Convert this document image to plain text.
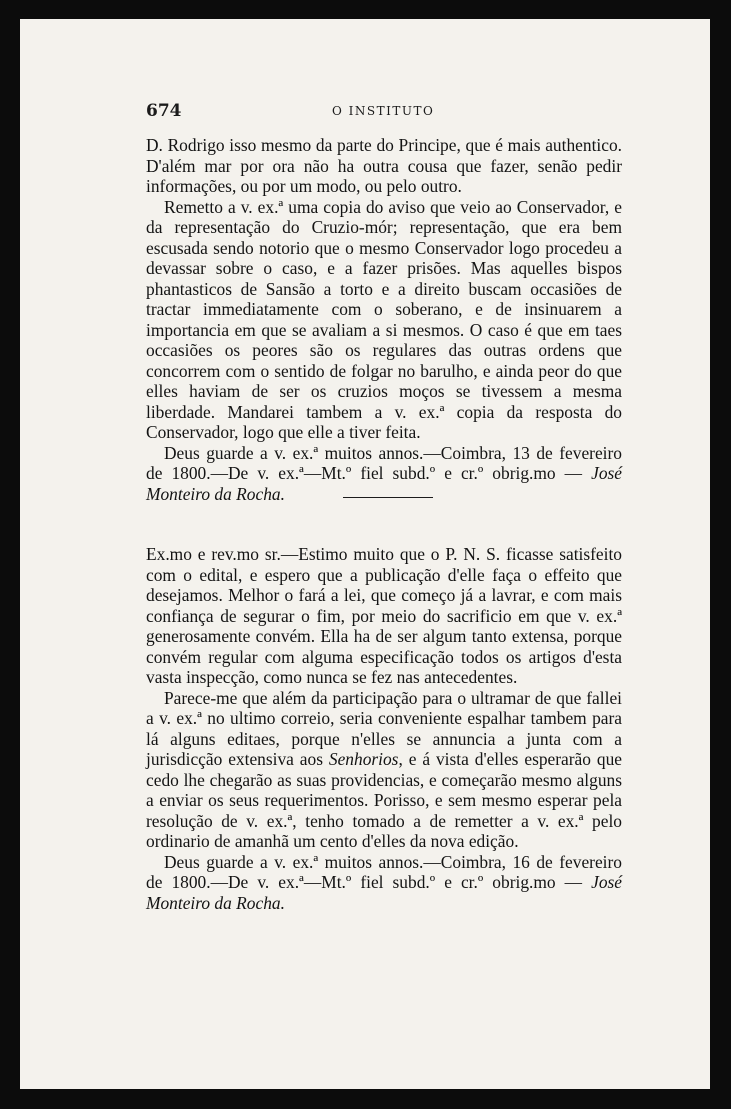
674	O INSTITUTO

D. Rodrigo isso mesmo da parte do Principe, que é mais authentico. D'além mar por ora não ha outra cousa que fazer, senão pedir informações, ou por um modo, ou pelo outro.

Remetto a v. ex.ª uma copia do aviso que veio ao Conservador, e da representação do Cruzio-mór; representação, que era bem escusada sendo notorio que o mesmo Conservador logo procedeu a devassar sobre o caso, e a fazer prisões. Mas aquelles bispos phantasticos de Sansão a torto e a direito buscam occasiões de tractar immediatamente com o soberano, e de insinuarem a importancia em que se avaliam a si mesmos. O caso é que em taes occasiões os peores são os regulares das outras ordens que concorrem com o sentido de folgar no barulho, e ainda peor do que elles haviam de ser os cruzios moços se tivessem a mesma liberdade. Mandarei tambem a v. ex.ª copia da resposta do Conservador, logo que elle a tiver feita.

Deus guarde a v. ex.ª muitos annos.—Coimbra, 13 de fevereiro de 1800.—De v. ex.ª—Mt.º fiel subd.º e cr.º obrig.mo — José Monteiro da Rocha.

Ex.mo e rev.mo sr.—Estimo muito que o P. N. S. ficasse satisfeito com o edital, e espero que a publicação d'elle faça o effeito que desejamos. Melhor o fará a lei, que começo já a lavrar, e com mais confiança de segurar o fim, por meio do sacrificio em que v. ex.ª generosamente convém. Ella ha de ser algum tanto extensa, porque convém regular com alguma especificação todos os artigos d'esta vasta inspecção, como nunca se fez nas antecedentes.

Parece-me que além da participação para o ultramar de que fallei a v. ex.ª no ultimo correio, seria conveniente espalhar tambem para lá alguns editaes, porque n'elles se annuncia a junta com a jurisdicção extensiva aos Senhorios, e á vista d'elles esperarão que cedo lhe chegarão as suas providencias, e começarão mesmo alguns a enviar os seus requerimentos. Porisso, e sem mesmo esperar pela resolução de v. ex.ª, tenho tomado a de remetter a v. ex.ª pelo ordinario de amanhã um cento d'elles da nova edição.

Deus guarde a v. ex.ª muitos annos.—Coimbra, 16 de fevereiro de 1800.—De v. ex.ª—Mt.º fiel subd.º e cr.º obrig.mo — José Monteiro da Rocha.
